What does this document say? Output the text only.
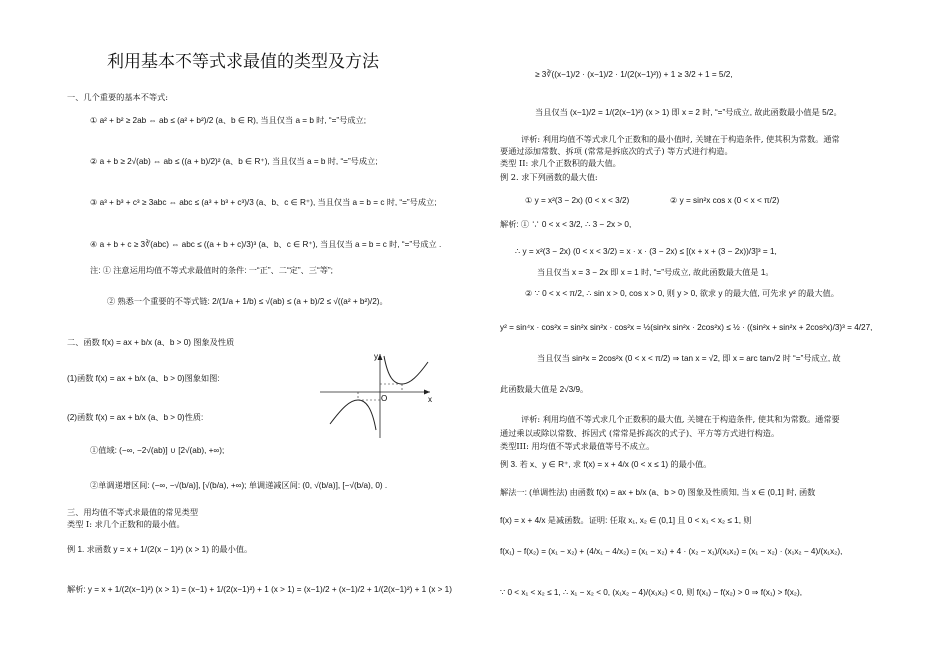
利用基本不等式求最值的类型及方法
一、几个重要的基本不等式:
① a² + b² ≥ 2ab ⇔ ab ≤ (a² + b²)/2 (a、b ∈ R), 当且仅当 a = b 时, “=”号成立;
② a + b ≥ 2√(ab) ⇔ ab ≤ ((a + b)/2)² (a、b ∈ R⁺), 当且仅当 a = b 时, “=”号成立;
③ a³ + b³ + c³ ≥ 3abc ⇔ abc ≤ (a³ + b³ + c³)/3 (a、b、c ∈ R⁺), 当且仅当 a = b = c 时, “=”号成立;
④ a + b + c ≥ 3∛(abc) ⇔ abc ≤ ((a + b + c)/3)³ (a、b、c ∈ R⁺), 当且仅当 a = b = c 时, “=”号成立 .
注: ① 注意运用均值不等式求最值时的条件: 一“正”、二“定”、三“等”;
② 熟悉一个重要的不等式链: 2/(1/a + 1/b) ≤ √(ab) ≤ (a + b)/2 ≤ √((a² + b²)/2)。
二、函数 f(x) = ax + b/x (a、b > 0) 图象及性质
(1)函数 f(x) = ax + b/x (a、b > 0)图象如图:
(2)函数 f(x) = ax + b/x (a、b > 0)性质:
①值域: (−∞, −2√(ab)] ∪ [2√(ab), +∞);
②单调递增区间: (−∞, −√(b/a)], [√(b/a), +∞); 单调递减区间: (0, √(b/a)], [−√(b/a), 0) .
三、用均值不等式求最值的常见类型
类型 I: 求几个正数和的最小值。
例 1. 求函数 y = x + 1/(2(x − 1)²) (x > 1) 的最小值。
解析: y = x + 1/(2(x−1)²) (x > 1) = (x−1) + 1/(2(x−1)²) + 1 (x > 1) = (x−1)/2 + (x−1)/2 + 1/(2(x−1)²) + 1 (x > 1)
y
x
O
≥ 3∛((x−1)/2 · (x−1)/2 · 1/(2(x−1)²)) + 1 ≥ 3/2 + 1 = 5/2,
当且仅当 (x−1)/2 = 1/(2(x−1)²) (x > 1) 即 x = 2 时, “=”号成立, 故此函数最小值是 5/2。
评析: 利用均值不等式求几个正数和的最小值时, 关键在于构造条件, 使其积为常数。通常
要通过添加常数、拆项 (常常是拆底次的式子) 等方式进行构造。
类型 II: 求几个正数积的最大值。
例 2. 求下列函数的最大值:
① y = x²(3 − 2x) (0 < x < 3/2)	② y = sin²x cos x (0 < x < π/2)
解析: ① ∵ 0 < x < 3/2, ∴ 3 − 2x > 0,
∴ y = x²(3 − 2x) (0 < x < 3/2) = x · x · (3 − 2x) ≤ [(x + x + (3 − 2x))/3]³ = 1,
当且仅当 x = 3 − 2x 即 x = 1 时, “=”号成立, 故此函数最大值是 1。
② ∵ 0 < x < π/2, ∴ sin x > 0, cos x > 0, 则 y > 0, 欲求 y 的最大值, 可先求 y² 的最大值。
y² = sin⁴x · cos²x = sin²x sin²x · cos²x = ½(sin²x sin²x · 2cos²x) ≤ ½ · ((sin²x + sin²x + 2cos²x)/3)³ = 4/27,
当且仅当 sin²x = 2cos²x (0 < x < π/2) ⇒ tan x = √2, 即 x = arc tan√2 时 “=”号成立, 故
此函数最大值是 2√3/9。
评析: 利用均值不等式求几个正数积的最大值, 关键在于构造条件, 使其和为常数。通常要
通过乘以或除以常数、拆因式 (常常是拆高次的式子)、平方等方式进行构造。
类型III: 用均值不等式求最值等号不成立。
例 3. 若 x、y ∈ R⁺, 求 f(x) = x + 4/x (0 < x ≤ 1) 的最小值。
解法一: (单调性法) 由函数 f(x) = ax + b/x (a、b > 0) 图象及性质知, 当 x ∈ (0,1] 时, 函数
f(x) = x + 4/x 是减函数。证明: 任取 x₁, x₂ ∈ (0,1] 且 0 < x₁ < x₂ ≤ 1, 则
f(x₁) − f(x₂) = (x₁ − x₂) + (4/x₁ − 4/x₂) = (x₁ − x₂) + 4 · (x₂ − x₁)/(x₁x₂) = (x₁ − x₂) · (x₁x₂ − 4)/(x₁x₂),
∵ 0 < x₁ < x₂ ≤ 1, ∴ x₁ − x₂ < 0, (x₁x₂ − 4)/(x₁x₂) < 0, 则 f(x₁) − f(x₂) > 0 ⇒ f(x₁) > f(x₂),
